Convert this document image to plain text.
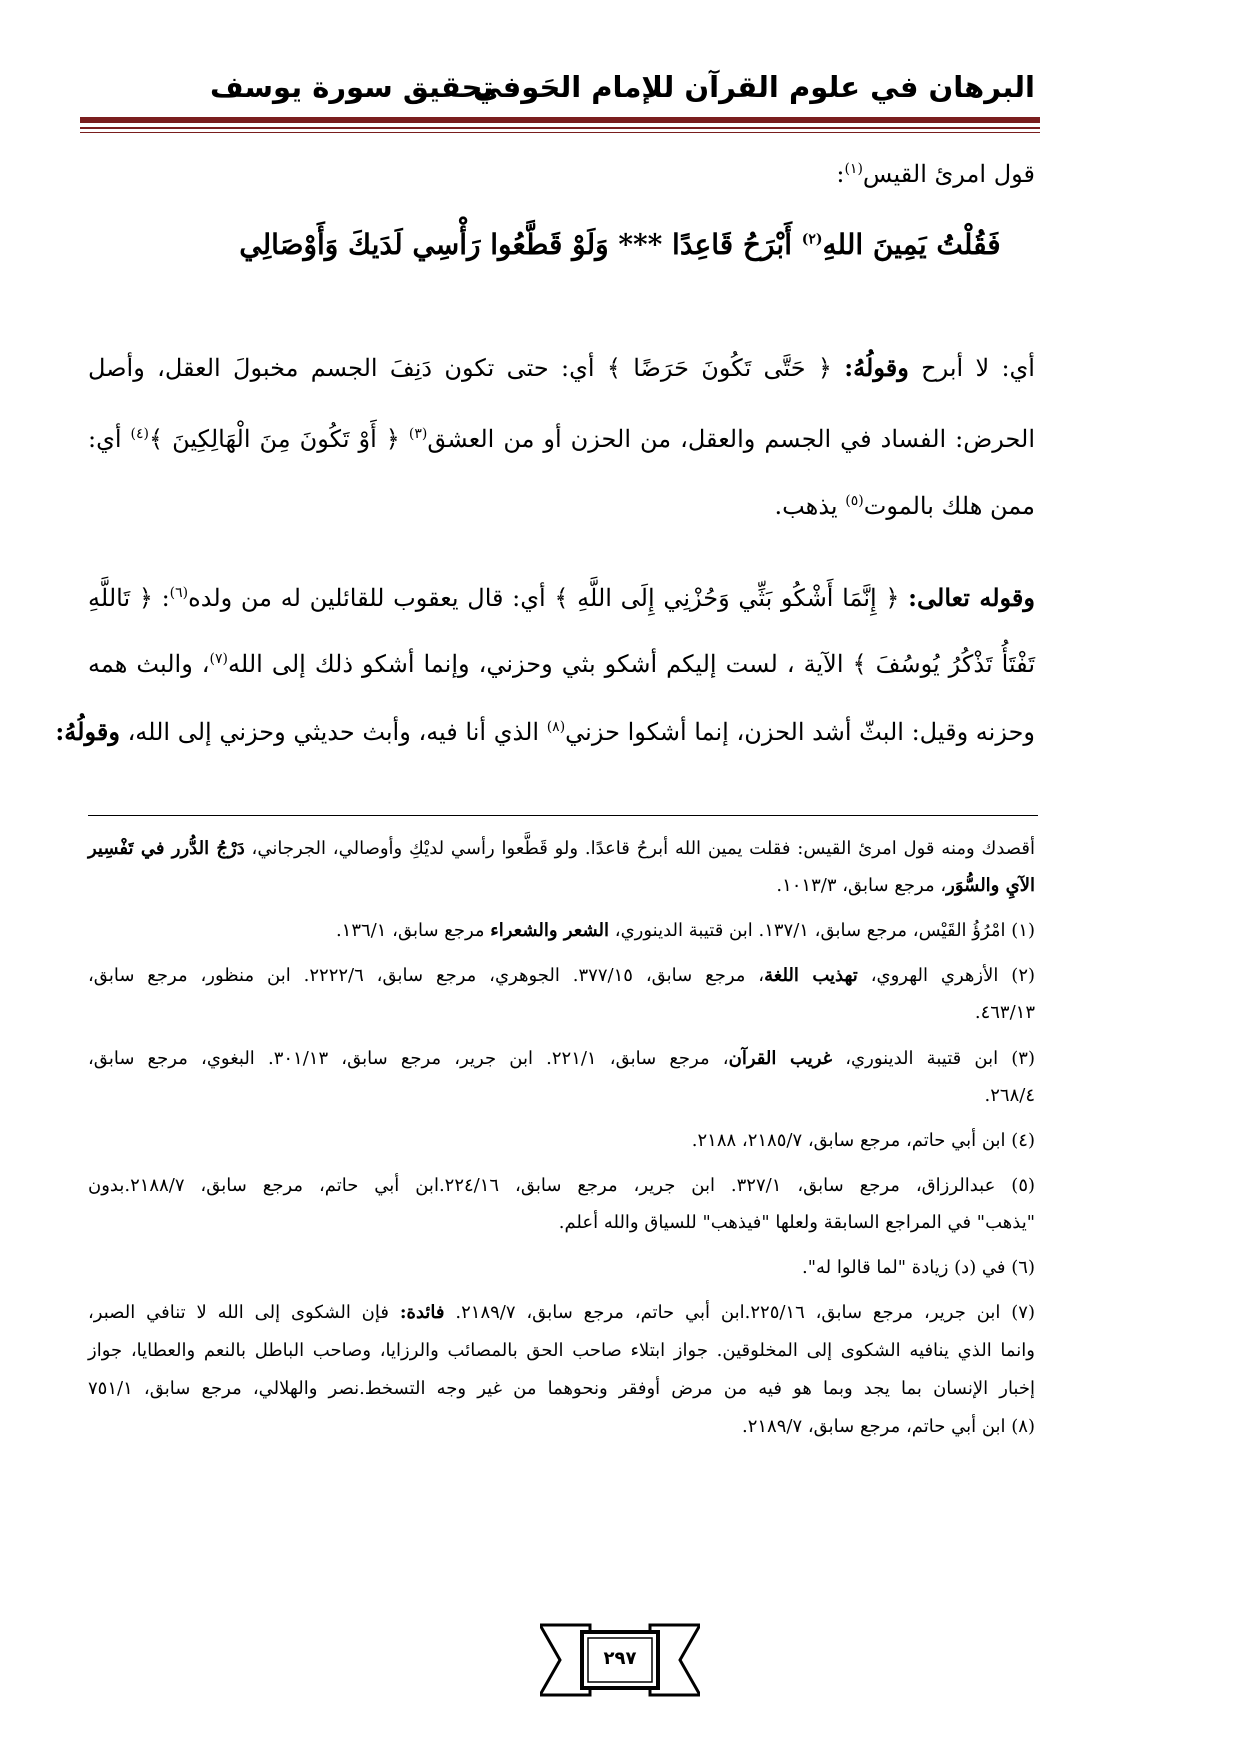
البرهان في علوم القرآن للإمام الحَوفي
تحقيق سورة يوسف
قول امرئ القيس$^{(١)}$:
فَقُلْتُ يَمِينَ اللهِ$^{(٢)}$ أَبْرَحُ قَاعِدًا *** وَلَوْ قَطَّعُوا رَأْسِي لَدَيكَ وَأَوْصَالِي
أي: لا أبرح وقولُهُ: ﴿ حَتَّى تَكُونَ حَرَضًا ﴾ أي: حتى تكون دَنِفَ الجسم مخبولَ العقل، وأصل
الحرض: الفساد في الجسم والعقل، من الحزن أو من العشق$^{(٣)}$ ﴿ أَوْ تَكُونَ مِنَ الْهَالِكِينَ ﴾$^{(٤)}$ أي:
ممن هلك بالموت$^{(٥)}$ يذهب.
وقوله تعالى: ﴿ إِنَّمَا أَشْكُو بَثِّي وَحُزْنِي إِلَى اللَّهِ ﴾ أي: قال يعقوب للقائلين له من ولده$^{(٦)}$: ﴿ تَاللَّهِ
تَفْتَأُ تَذْكُرُ يُوسُفَ ﴾ الآية ، لست إليكم أشكو بثي وحزني، وإنما أشكو ذلك إلى الله$^{(٧)}$، والبث همه
وحزنه وقيل: البثّ أشد الحزن، إنما أشكوا حزني$^{(٨)}$ الذي أنا فيه، وأبث حديثي وحزني إلى الله، وقولُهُ:
أقصدك ومنه قول امرئ القيس: فقلت يمين الله أبرحُ قاعدًا. ولو قَطَّعوا رأسي لديْكِ وأوصالي، الجرجاني، دَرْجُ الدُّرر في تَفْسِير
الآيِ والسُّوَر، مرجع سابق، ١٠١٣/٣.
(١) امْرُؤُ القَيْس، مرجع سابق، ١٣٧/١. ابن قتيبة الدينوري، الشعر والشعراء مرجع سابق، ١٣٦/١.
(٢) الأزهري الهروي، تهذيب اللغة، مرجع سابق، ٣٧٧/١٥. الجوهري، مرجع سابق، ٢٢٢٢/٦. ابن منظور، مرجع سابق،
٤٦٣/١٣.
(٣) ابن قتيبة الدينوري، غريب القرآن، مرجع سابق، ٢٢١/١. ابن جرير، مرجع سابق، ٣٠١/١٣. البغوي، مرجع سابق،
٢٦٨/٤.
(٤) ابن أبي حاتم، مرجع سابق، ٢١٨٥/٧، ٢١٨٨.
(٥) عبدالرزاق، مرجع سابق، ٣٢٧/١. ابن جرير، مرجع سابق، ٢٢٤/١٦.ابن أبي حاتم، مرجع سابق، ٢١٨٨/٧.بدون
"يذهب" في المراجع السابقة ولعلها "فيذهب" للسياق والله أعلم.
(٦) في (د) زيادة "لما قالوا له".
(٧) ابن جرير، مرجع سابق، ٢٢٥/١٦.ابن أبي حاتم، مرجع سابق، ٢١٨٩/٧. فائدة: فإن الشكوى إلى الله لا تنافي الصبر،
وانما الذي ينافيه الشكوى إلى المخلوقين. جواز ابتلاء صاحب الحق بالمصائب والرزايا، وصاحب الباطل بالنعم والعطايا، جواز
إخبار الإنسان بما يجد وبما هو فيه من مرض أوفقر ونحوهما من غير وجه التسخط.نصر والهلالي، مرجع سابق، ٧٥١/١
(٨) ابن أبي حاتم، مرجع سابق، ٢١٨٩/٧.
٢٩٧
